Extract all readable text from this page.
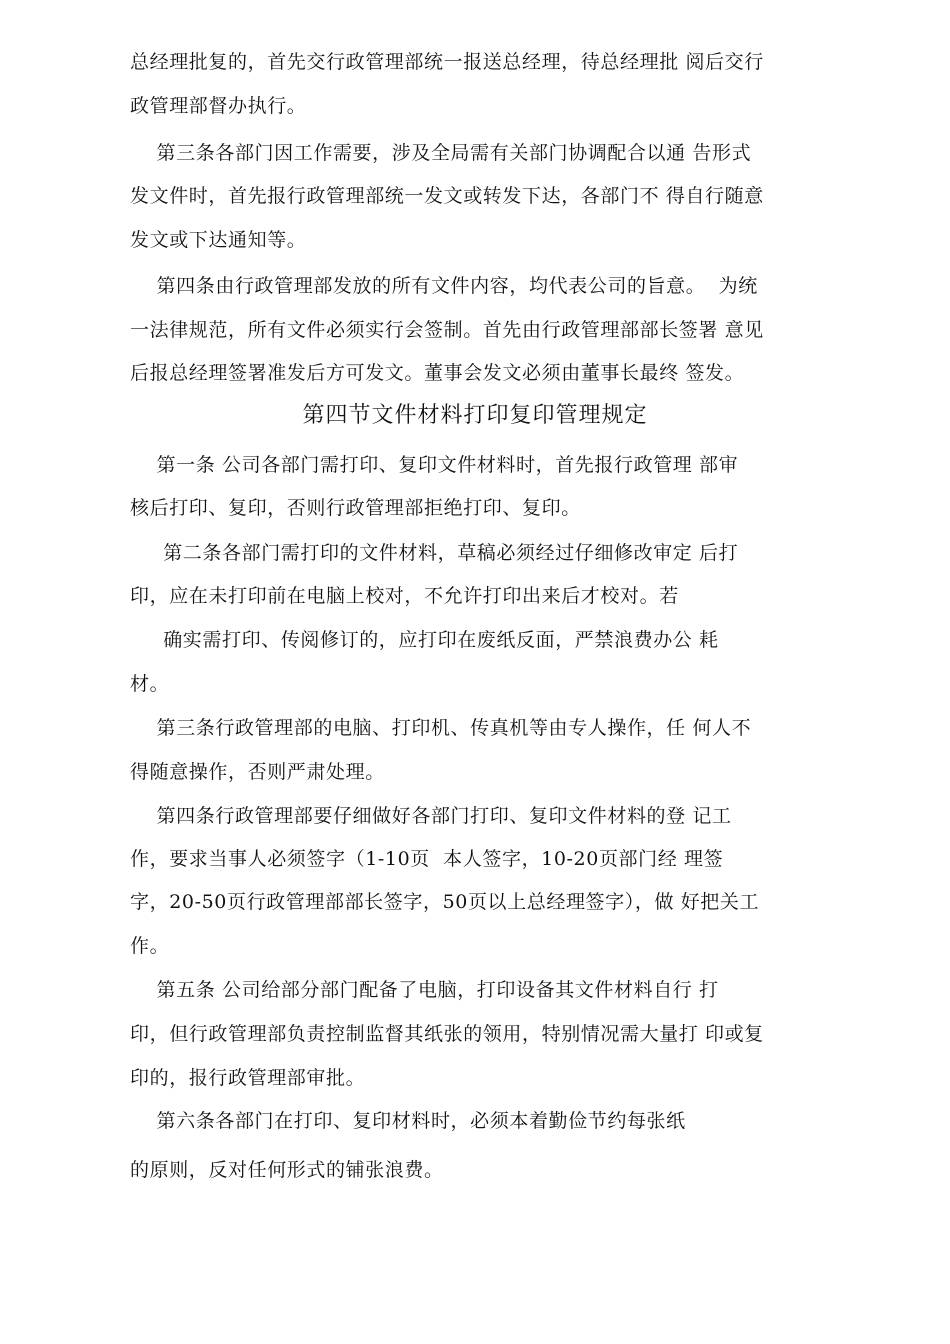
总经理批复的，首先交行政管理部统一报送总经理，待总经理批 阅后交行
政管理部督办执行。
第三条各部门因工作需要，涉及全局需有关部门协调配合以通 告形式
发文件时，首先报行政管理部统一发文或转发下达，各部门不 得自行随意
发文或下达通知等。
第四条由行政管理部发放的所有文件内容，均代表公司的旨意。  为统
一法律规范，所有文件必须实行会签制。首先由行政管理部部长签署 意见
后报总经理签署准发后方可发文。董事会发文必须由董事长最终 签发。
第四节文件材料打印复印管理规定
第一条 公司各部门需打印、复印文件材料时，首先报行政管理 部审
核后打印、复印，否则行政管理部拒绝打印、复印。
第二条各部门需打印的文件材料，草稿必须经过仔细修改审定 后打
印，应在未打印前在电脑上校对，不允许打印出来后才校对。若
确实需打印、传阅修订的，应打印在废纸反面，严禁浪费办公 耗
材。
第三条行政管理部的电脑、打印机、传真机等由专人操作，任 何人不
得随意操作，否则严肃处理。
第四条行政管理部要仔细做好各部门打印、复印文件材料的登 记工
作，要求当事人必须签字（1-10页  本人签字，10-20页部门经 理签
字，20-50页行政管理部部长签字，50页以上总经理签字），做 好把关工
作。
第五条 公司给部分部门配备了电脑，打印设备其文件材料自行 打
印，但行政管理部负责控制监督其纸张的领用，特别情况需大量打 印或复
印的，报行政管理部审批。
第六条各部门在打印、复印材料时，必须本着勤俭节约每张纸
的原则，反对任何形式的铺张浪费。
